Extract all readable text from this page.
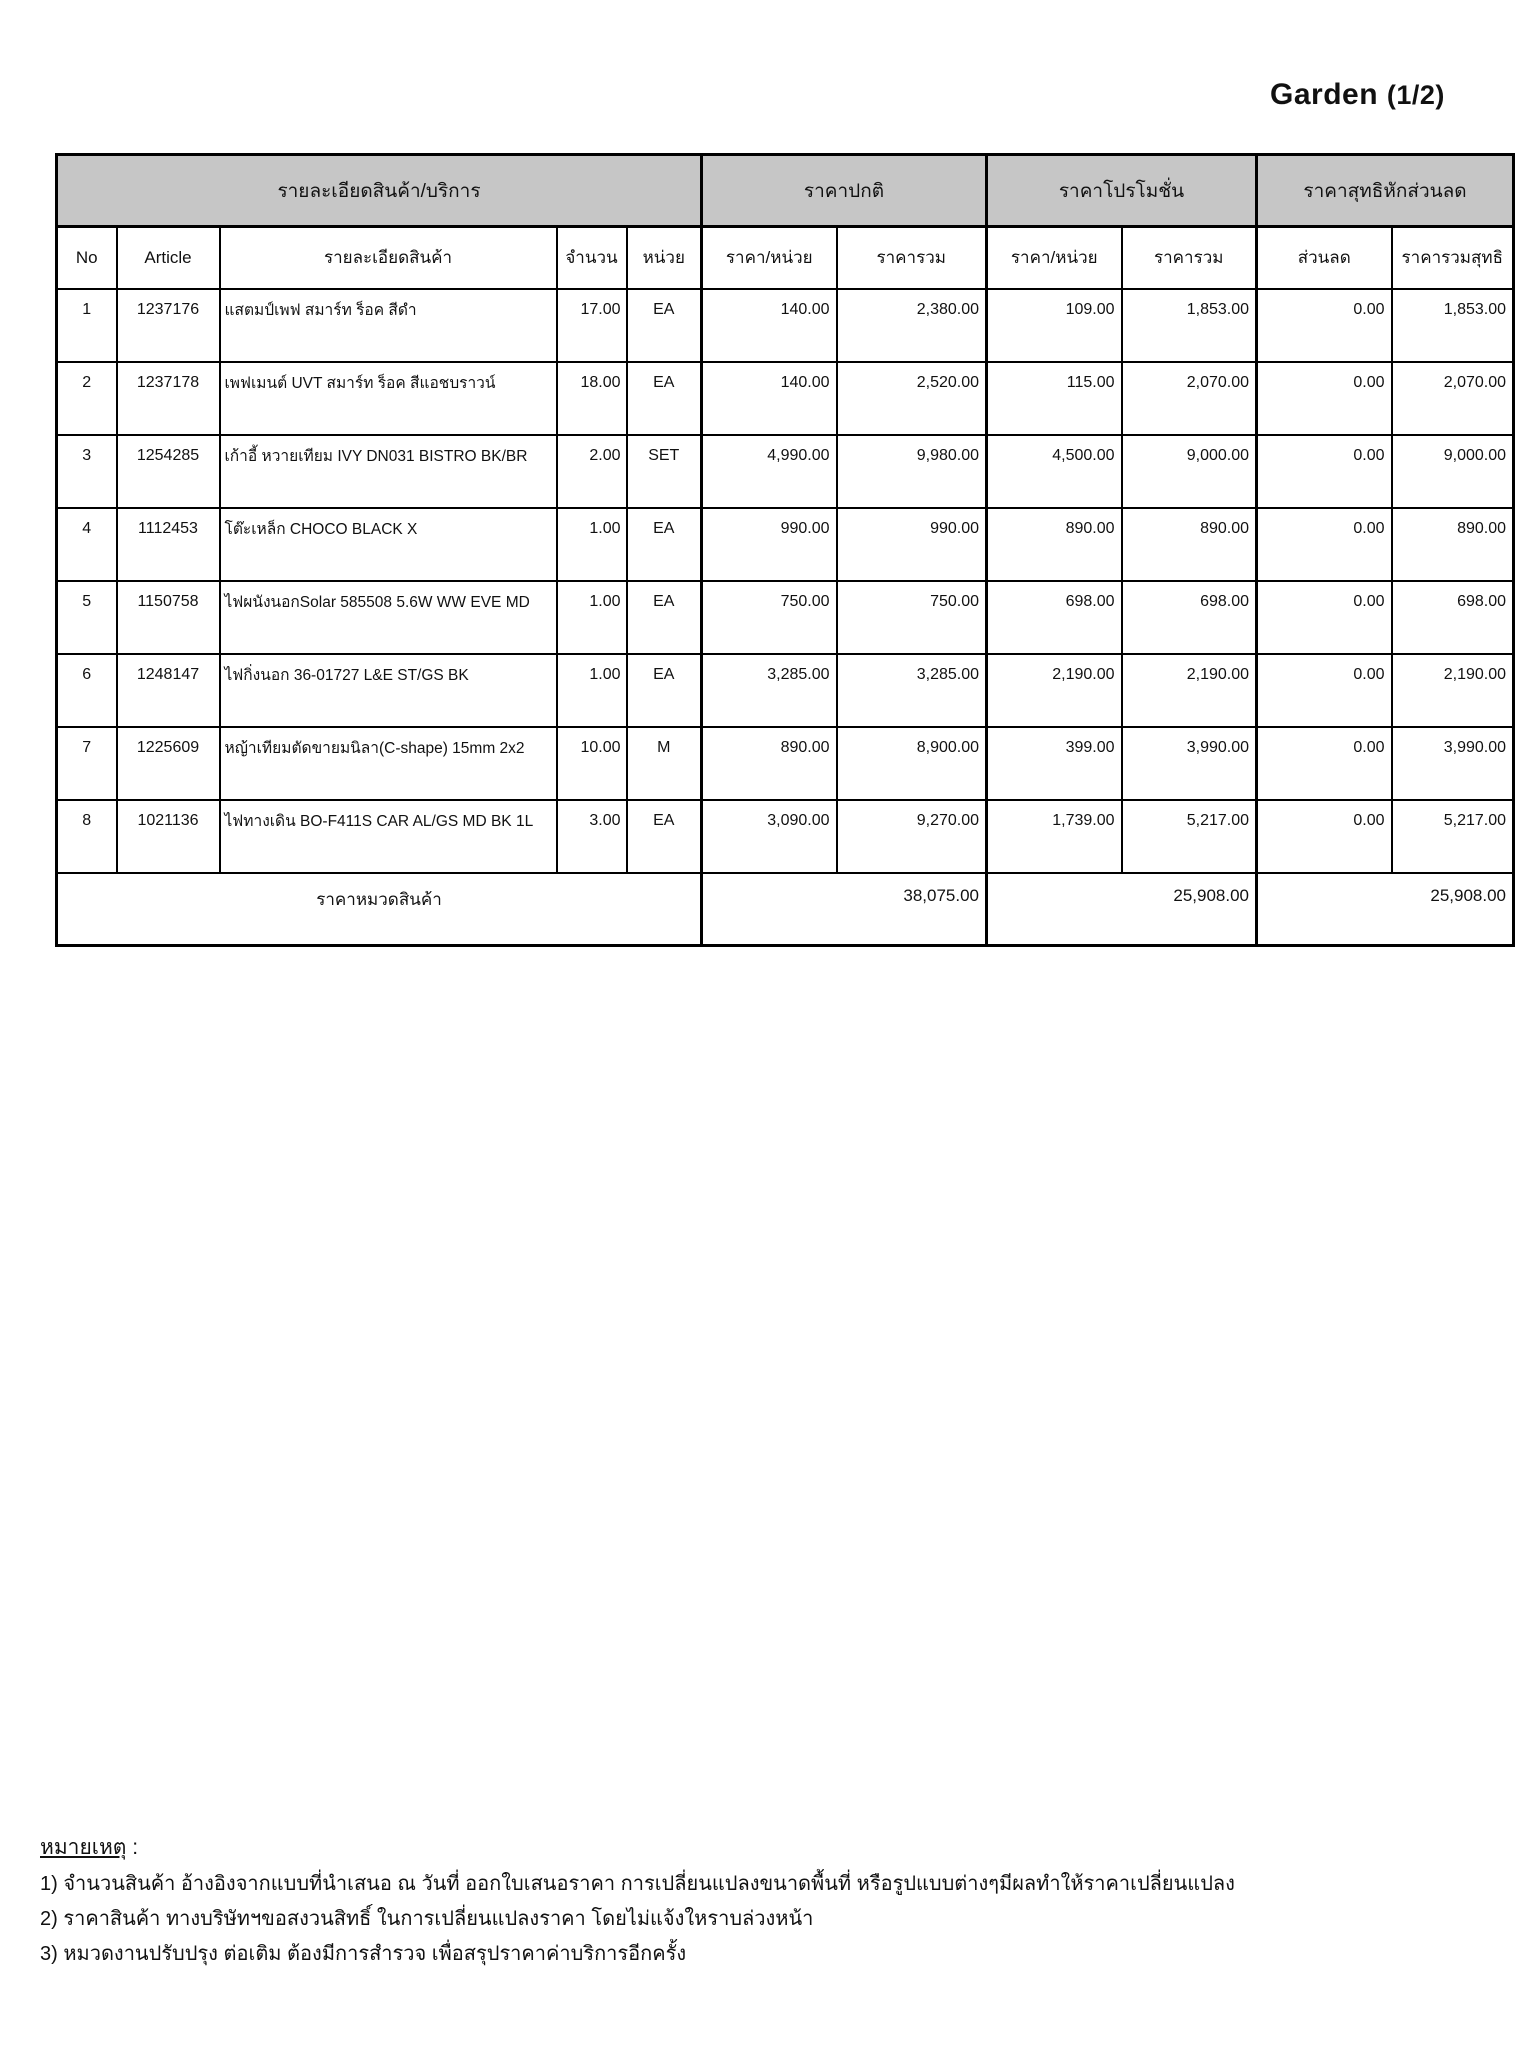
Garden (1/2)
รายละเอียดสินค้า/บริการ					ราคาปกติ		ราคาโปรโมชั่น		ราคาสุทธิหักส่วนลด	
No	Article	รายละเอียดสินค้า	จำนวน	หน่วย	ราคา/หน่วย	ราคารวม	ราคา/หน่วย	ราคารวม	ส่วนลด	ราคารวมสุทธิ
1	1237176	แสตมป์เพฟ สมาร์ท ร็อค สีดำ	17.00	EA	140.00	2,380.00	109.00	1,853.00	0.00	1,853.00
2	1237178	เพฟเมนต์ UVT สมาร์ท ร็อค สีแอชบราวน์	18.00	EA	140.00	2,520.00	115.00	2,070.00	0.00	2,070.00
3	1254285	เก้าอี้ หวายเทียม IVY DN031 BISTRO BK/BR	2.00	SET	4,990.00	9,980.00	4,500.00	9,000.00	0.00	9,000.00
4	1112453	โต๊ะเหล็ก CHOCO BLACK X	1.00	EA	990.00	990.00	890.00	890.00	0.00	890.00
5	1150758	ไฟผนังนอกSolar 585508 5.6W WW EVE MD	1.00	EA	750.00	750.00	698.00	698.00	0.00	698.00
6	1248147	ไฟกิ่งนอก 36-01727 L&E ST/GS BK	1.00	EA	3,285.00	3,285.00	2,190.00	2,190.00	0.00	2,190.00
7	1225609	หญ้าเทียมตัดขายมนิลา(C-shape) 15mm 2x2	10.00	M	890.00	8,900.00	399.00	3,990.00	0.00	3,990.00
8	1021136	ไฟทางเดิน BO-F411S CAR AL/GS MD BK 1L	3.00	EA	3,090.00	9,270.00	1,739.00	5,217.00	0.00	5,217.00
ราคาหมวดสินค้า					38,075.00		25,908.00		25,908.00	
หมายเหตุ :
1) จำนวนสินค้า อ้างอิงจากแบบที่นำเสนอ ณ วันที่ ออกใบเสนอราคา การเปลี่ยนแปลงขนาดพื้นที่ หรือรูปแบบต่างๆมีผลทำให้ราคาเปลี่ยนแปลง
2) ราคาสินค้า ทางบริษัทฯขอสงวนสิทธิ์ ในการเปลี่ยนแปลงราคา โดยไม่แจ้งใหราบล่วงหน้า
3) หมวดงานปรับปรุง ต่อเติม ต้องมีการสำรวจ เพื่อสรุปราคาค่าบริการอีกครั้ง
